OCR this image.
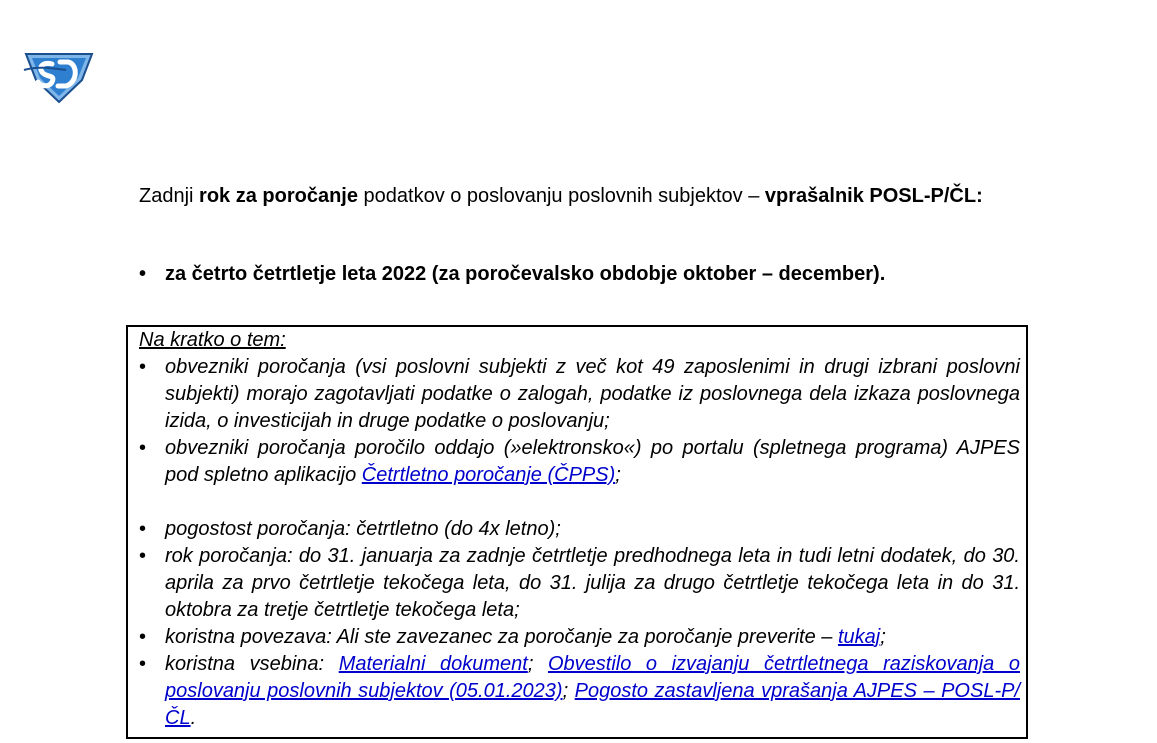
Zadnji rok za poročanje podatkov o poslovanju poslovnih subjektov – vprašalnik POSL-P/ČL:
• za četrto četrtletje leta 2022 (za poročevalsko obdobje oktober – december).

Na kratko o tem:

• obvezniki poročanja (vsi poslovni subjekti z več kot 49 zaposlenimi in drugi izbrani poslovni subjekti) morajo zagotavljati podatke o zalogah, podatke iz poslovnega dela izkaza poslovnega izida, o investicijah in druge podatke o poslovanju;
• obvezniki poročanja poročilo oddajo (»elektronsko«) po portalu (spletnega programa) AJPES pod spletno aplikacijo Četrtletno poročanje (ČPPS);
• pogostost poročanja: četrtletno (do 4x letno);
• rok poročanja: do 31. januarja za zadnje četrtletje predhodnega leta in tudi letni dodatek, do 30. aprila za prvo četrtletje tekočega leta, do 31. julija za drugo četrtletje tekočega leta in do 31. oktobra za tretje četrtletje tekočega leta;
• koristna povezava: Ali ste zavezanec za poročanje za poročanje preverite – tukaj;
• koristna vsebina: Materialni dokument; Obvestilo o izvajanju četrtletnega raziskovanja o poslovanju poslovnih subjektov (05.01.2023); Pogosto zastavljena vprašanja AJPES – POSL-P/ČL.
